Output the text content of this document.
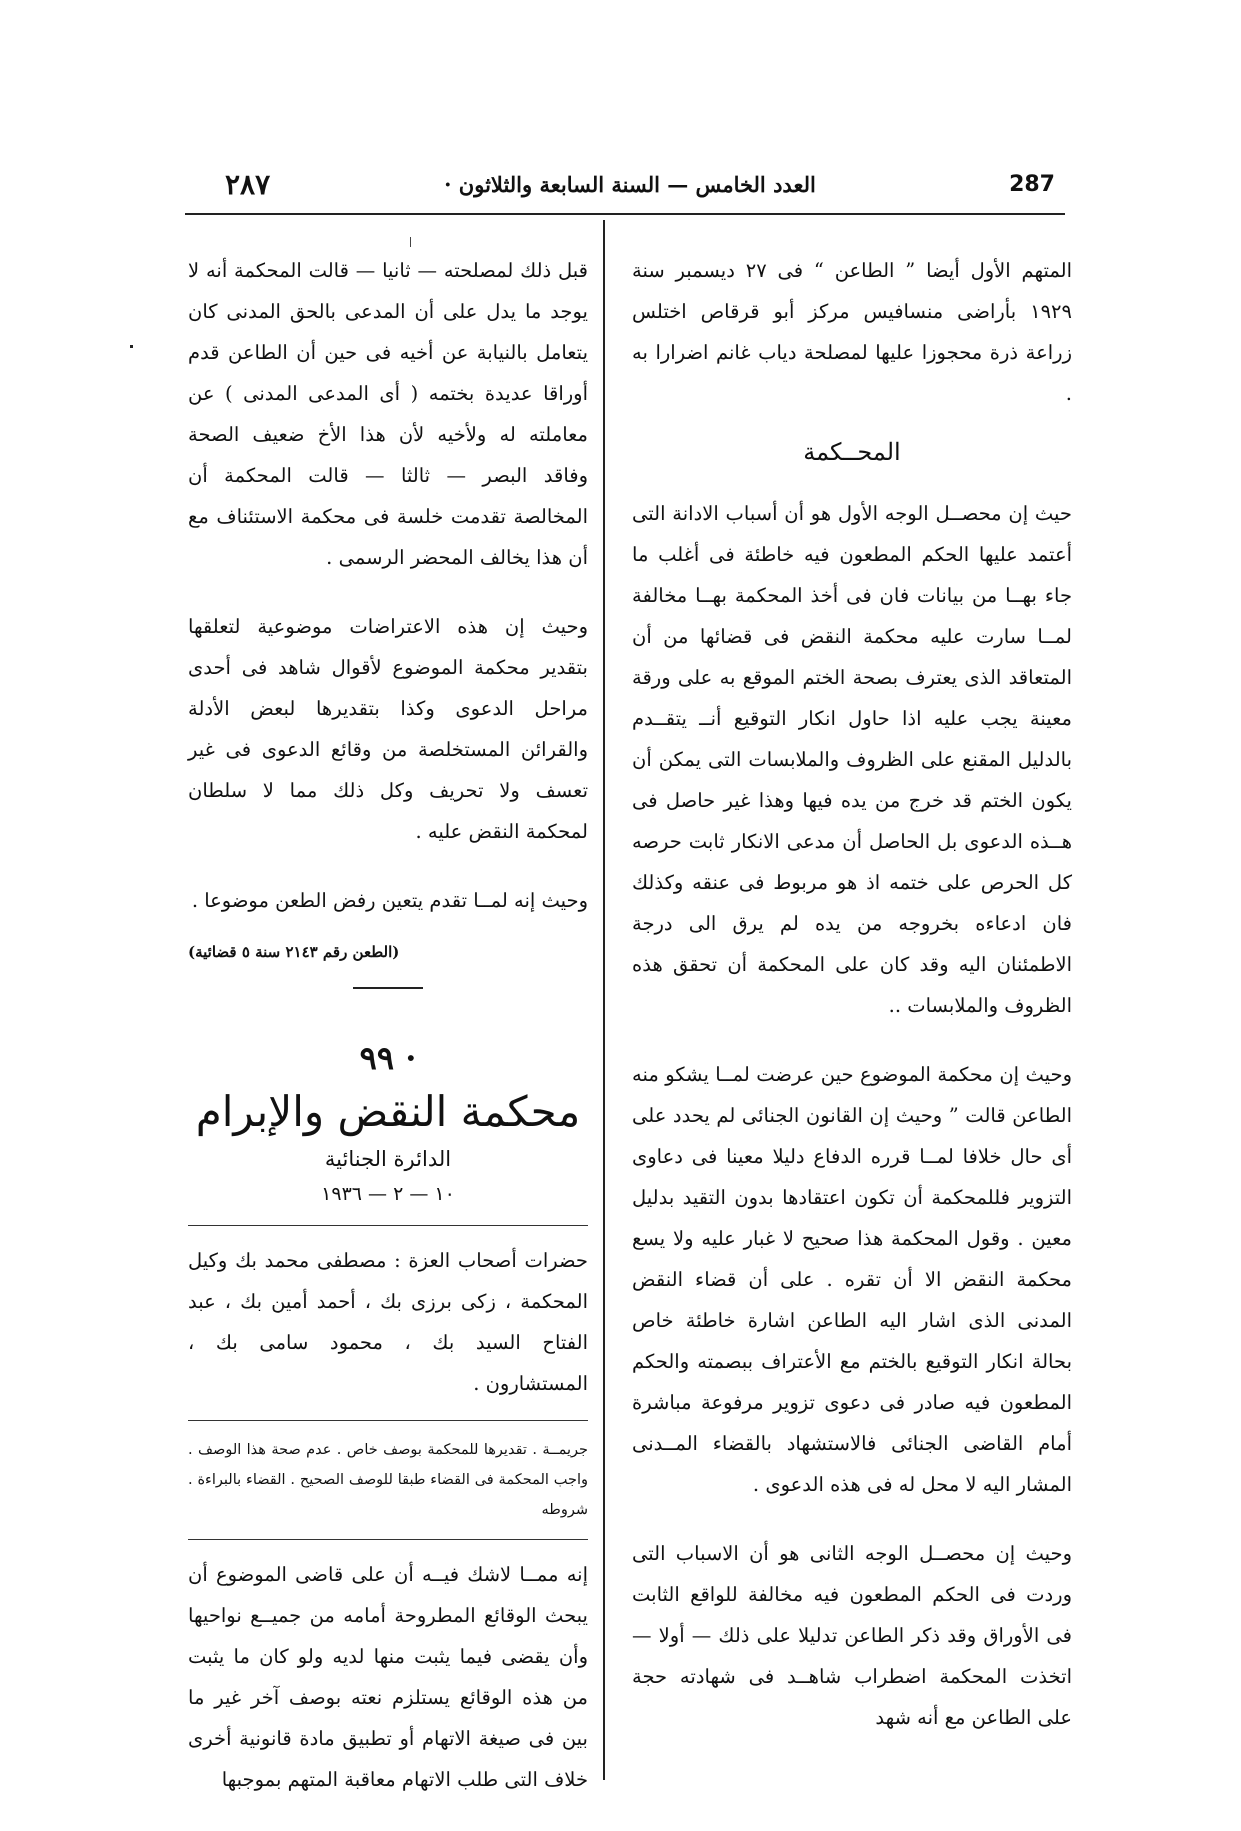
٢٨٧	العدد الخامس — السنة السابعة والثلاثون ·	287

المتهم الأول أيضا ” الطاعن “ فى ٢٧ ديسمبر سنة ١٩٢٩ بأراضى منسافيس مركز أبو قرقاص اختلس زراعة ذرة محجوزا عليها لمصلحة دياب غانم اضرارا به .

المحــكمة

حيث إن محصــل الوجه الأول هو أن أسباب الادانة التى أعتمد عليها الحكم المطعون فيه خاطئة فى أغلب ما جاء بهــا من بيانات فان فى أخذ المحكمة بهــا مخالفة لمــا سارت عليه محكمة النقض فى قضائها من أن المتعاقد الذى يعترف بصحة الختم الموقع به على ورقة معينة يجب عليه اذا حاول انكار التوقيع أنــ يتقــدم بالدليل المقنع على الظروف والملابسات التى يمكن أن يكون الختم قد خرج من يده فيها وهذا غير حاصل فى هــذه الدعوى بل الحاصل أن مدعى الانكار ثابت حرصه كل الحرص على ختمه اذ هو مربوط فى عنقه وكذلك فان ادعاءه بخروجه من يده لم يرق الى درجة الاطمئنان اليه وقد كان على المحكمة أن تحقق هذه الظروف والملابسات ..

وحيث إن محكمة الموضوع حين عرضت لمــا يشكو منه الطاعن قالت ” وحيث إن القانون الجنائى لم يحدد على أى حال خلافا لمــا قرره الدفاع دليلا معينا فى دعاوى التزوير فللمحكمة أن تكون اعتقادها بدون التقيد بدليل معين . وقول المحكمة هذا صحيح لا غبار عليه ولا يسع محكمة النقض الا أن تقره . على أن قضاء النقض المدنى الذى اشار اليه الطاعن اشارة خاطئة خاص بحالة انكار التوقيع بالختم مع الأعتراف ببصمته والحكم المطعون فيه صادر فى دعوى تزوير مرفوعة مباشرة أمام القاضى الجنائى فالاستشهاد بالقضاء المــدنى المشار اليه لا محل له فى هذه الدعوى .

وحيث إن محصــل الوجه الثانى هو أن الاسباب التى وردت فى الحكم المطعون فيه مخالفة للواقع الثابت فى الأوراق وقد ذكر الطاعن تدليلا على ذلك — أولا — اتخذت المحكمة اضطراب شاهــد فى شهادته حجة على الطاعن مع أنه شهد

قبل ذلك لمصلحته — ثانيا — قالت المحكمة أنه لا يوجد ما يدل على أن المدعى بالحق المدنى كان يتعامل بالنيابة عن أخيه فى حين أن الطاعن قدم أوراقا عديدة بختمه ( أى المدعى المدنى ) عن معاملته له ولأخيه لأن هذا الأخ ضعيف الصحة وفاقد البصر — ثالثا — قالت المحكمة أن المخالصة تقدمت خلسة فى محكمة الاستئناف مع أن هذا يخالف المحضر الرسمى .

وحيث إن هذه الاعتراضات موضوعية لتعلقها بتقدير محكمة الموضوع لأقوال شاهد فى أحدى مراحل الدعوى وكذا بتقديرها لبعض الأدلة والقرائن المستخلصة من وقائع الدعوى فى غير تعسف ولا تحريف وكل ذلك مما لا سلطان لمحكمة النقض عليه .

وحيث إنه لمــا تقدم يتعين رفض الطعن موضوعا .

(الطعن رقم ٢١٤٣ سنة ٥ قضائية)

· ٩٩

محكمة النقض والإبرام

الدائرة الجنائية

١٠ — ٢ — ١٩٣٦

حضرات أصحاب العزة : مصطفى محمد بك وكيل المحكمة ، زكى برزى بك ، أحمد أمين بك ، عبد الفتاح السيد بك ، محمود سامى بك ، المستشارون .

جريمــة . تقديرها للمحكمة بوصف خاص . عدم صحة هذا الوصف . واجب المحكمة فى القضاء طبقا للوصف الصحيح . القضاء بالبراءة . شروطه

إنه ممــا لاشك فيــه أن على قاضى الموضوع أن يبحث الوقائع المطروحة أمامه من جميــع نواحيها وأن يقضى فيما يثبت منها لديه ولو كان ما يثبت من هذه الوقائع يستلزم نعته بوصف آخر غير ما بين فى صيغة الاتهام أو تطبيق مادة قانونية أخرى خلاف التى طلب الاتهام معاقبة المتهم بموجبها
